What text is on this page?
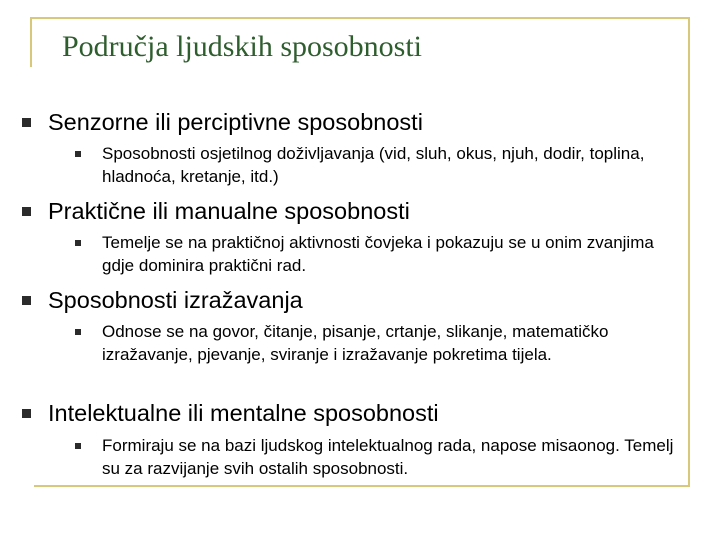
Područja ljudskih sposobnosti
Senzorne ili perciptivne sposobnosti
Sposobnosti osjetilnog doživljavanja (vid, sluh, okus, njuh, dodir, toplina, hladnoća, kretanje, itd.)
Praktične ili manualne sposobnosti
Temelje se na praktičnoj aktivnosti čovjeka i pokazuju se u onim zvanjima gdje dominira praktični rad.
Sposobnosti izražavanja
Odnose se na govor, čitanje, pisanje, crtanje, slikanje, matematičko izražavanje, pjevanje, sviranje i izražavanje pokretima tijela.
Intelektualne ili mentalne sposobnosti
Formiraju se na bazi ljudskog intelektualnog rada, napose misaonog. Temelj su za razvijanje svih ostalih sposobnosti.
